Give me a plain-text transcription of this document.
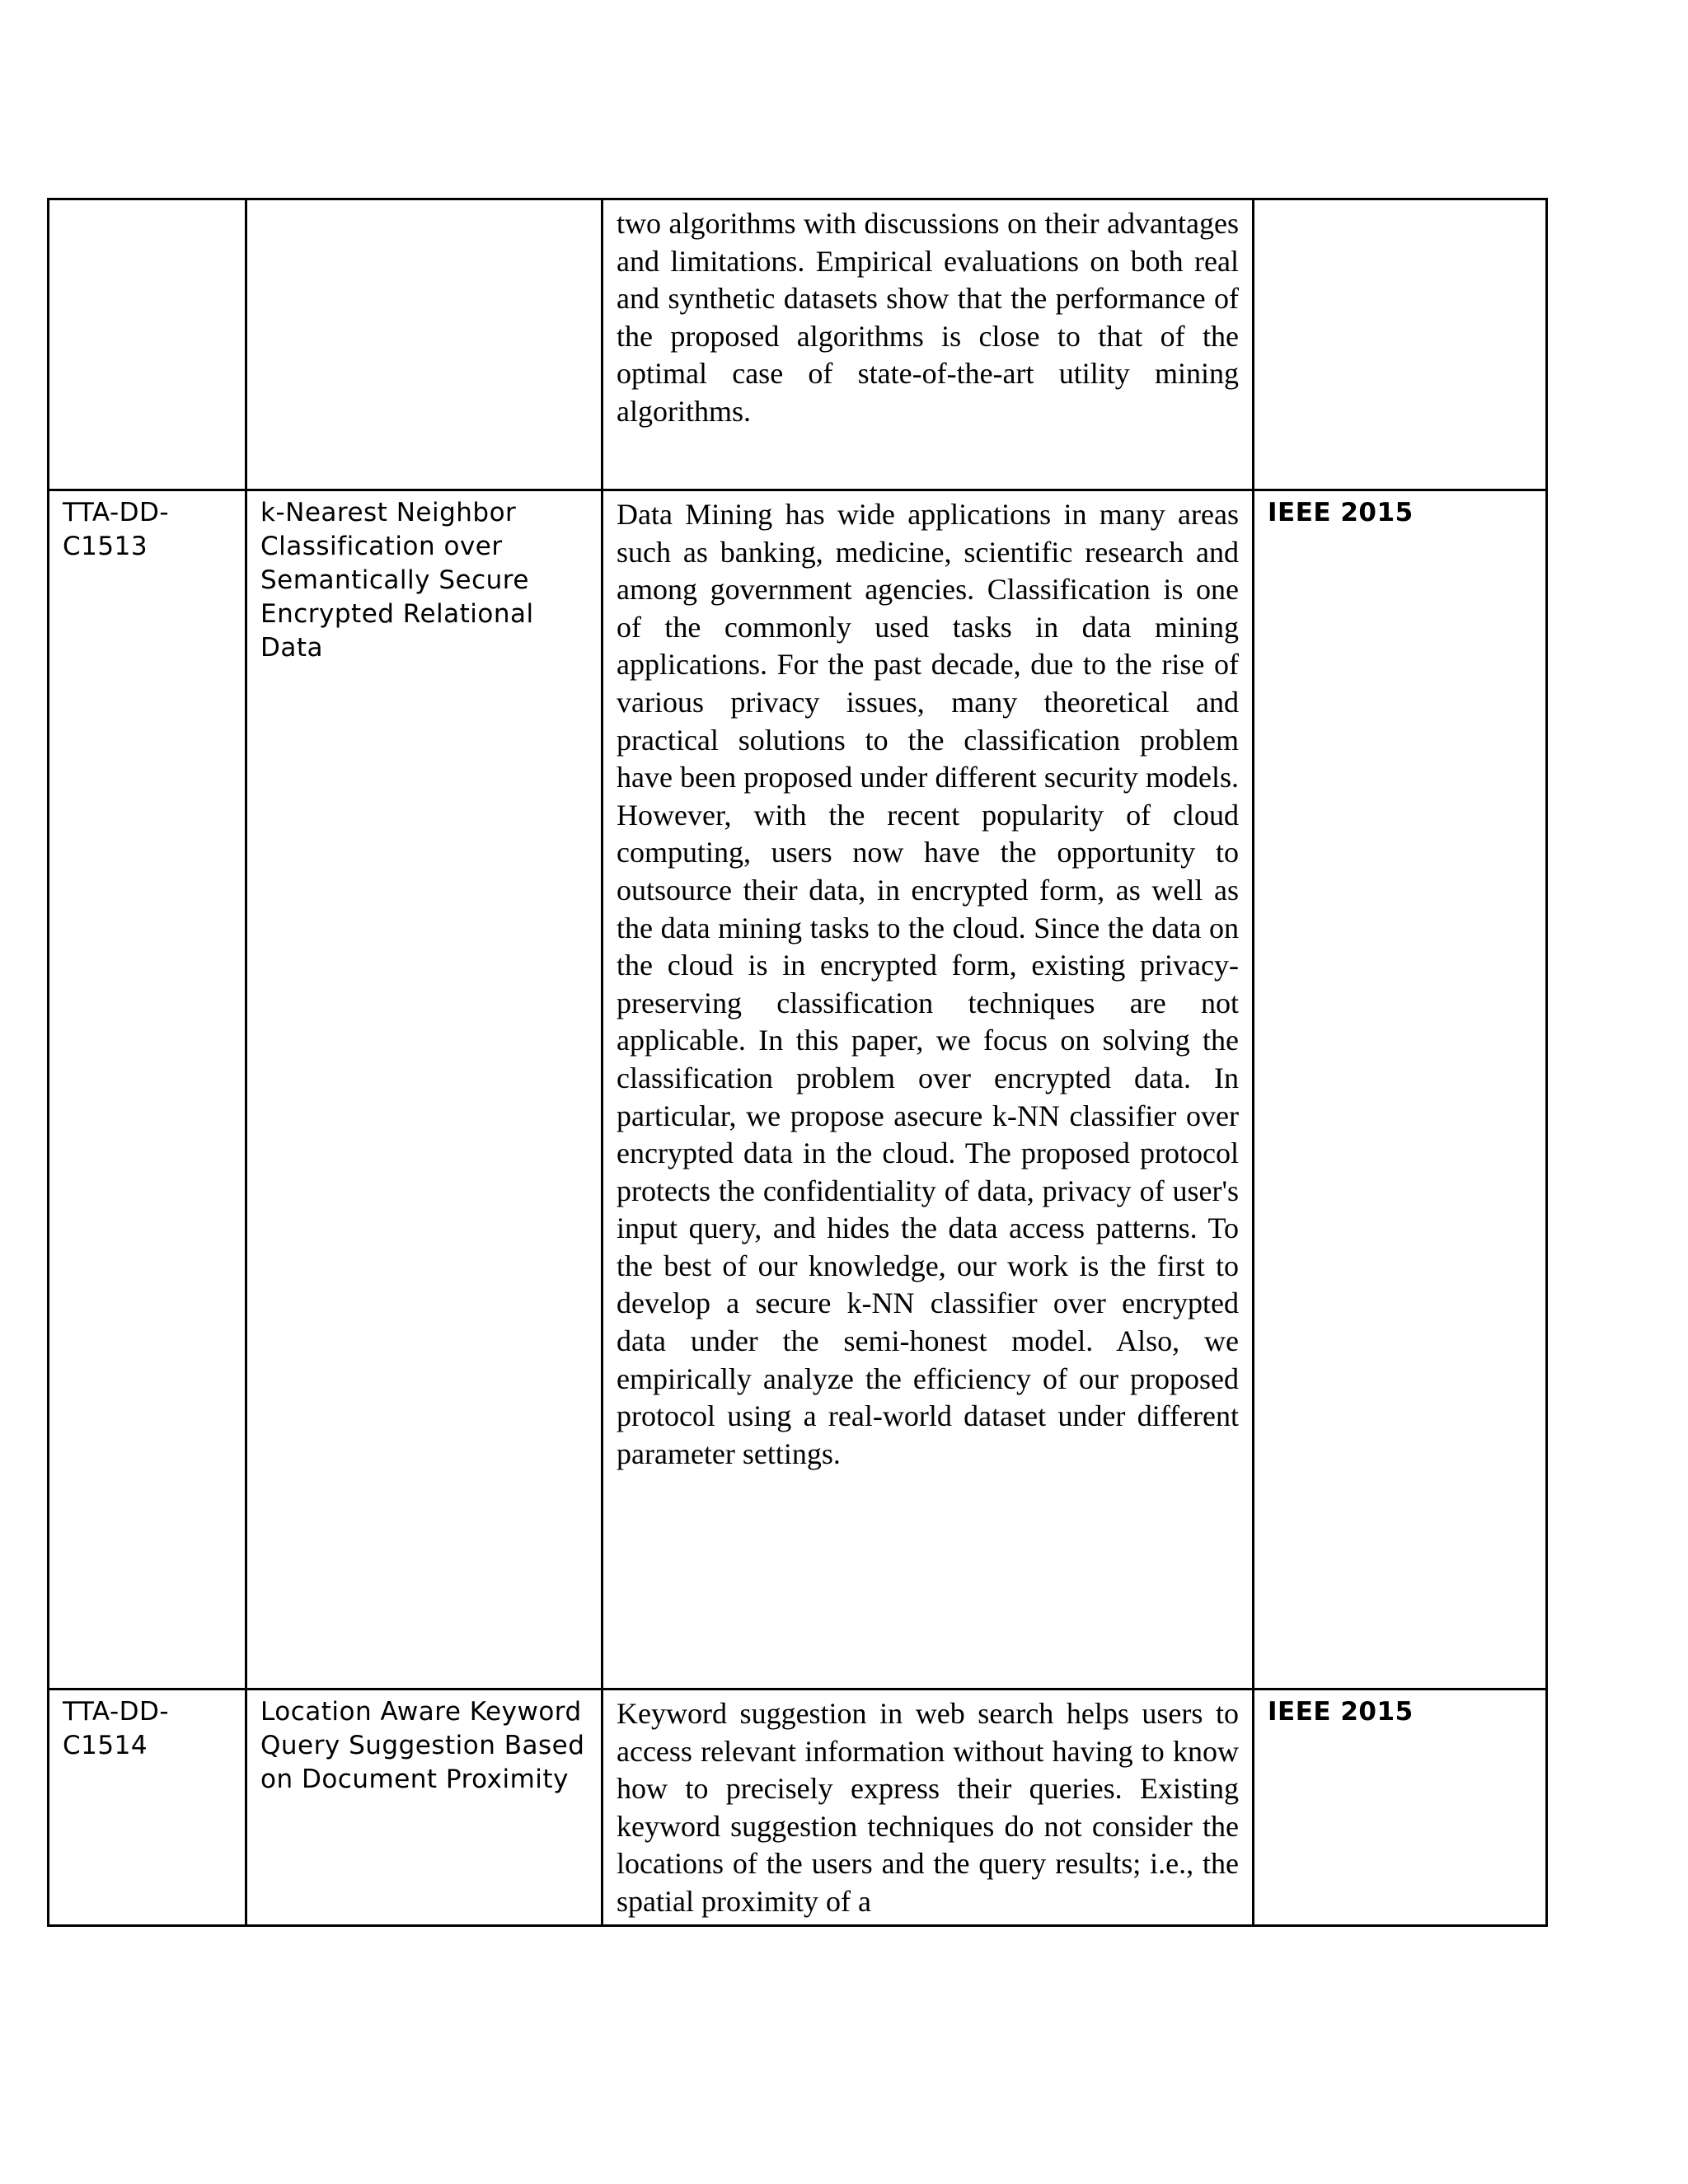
		two algorithms with discussions on their advantages and limitations. Empirical evaluations on both real and synthetic datasets show that the performance of the proposed algorithms is close to that of the optimal case of state-of-the-art utility mining algorithms.	
TTA-DD-C1513	k-Nearest Neighbor Classification over Semantically Secure Encrypted Relational Data	Data Mining has wide applications in many areas such as banking, medicine, scientific research and among government agencies. Classification is one of the commonly used tasks in data mining applications. For the past decade, due to the rise of various privacy issues, many theoretical and practical solutions to the classification problem have been proposed under different security models. However, with the recent popularity of cloud computing, users now have the opportunity to outsource their data, in encrypted form, as well as the data mining tasks to the cloud. Since the data on the cloud is in encrypted form, existing privacy-preserving classification techniques are not applicable. In this paper, we focus on solving the classification problem over encrypted data. In particular, we propose asecure k-NN classifier over encrypted data in the cloud. The proposed protocol protects the confidentiality of data, privacy of user's input query, and hides the data access patterns. To the best of our knowledge, our work is the first to develop a secure k-NN classifier over encrypted data under the semi-honest model. Also, we empirically analyze the efficiency of our proposed protocol using a real-world dataset under different parameter settings.	IEEE 2015
TTA-DD-C1514	Location Aware Keyword Query Suggestion Based on Document Proximity	Keyword suggestion in web search helps users to access relevant information without having to know how to precisely express their queries. Existing keyword suggestion techniques do not consider the locations of the users and the query results; i.e., the spatial proximity of a	IEEE 2015
